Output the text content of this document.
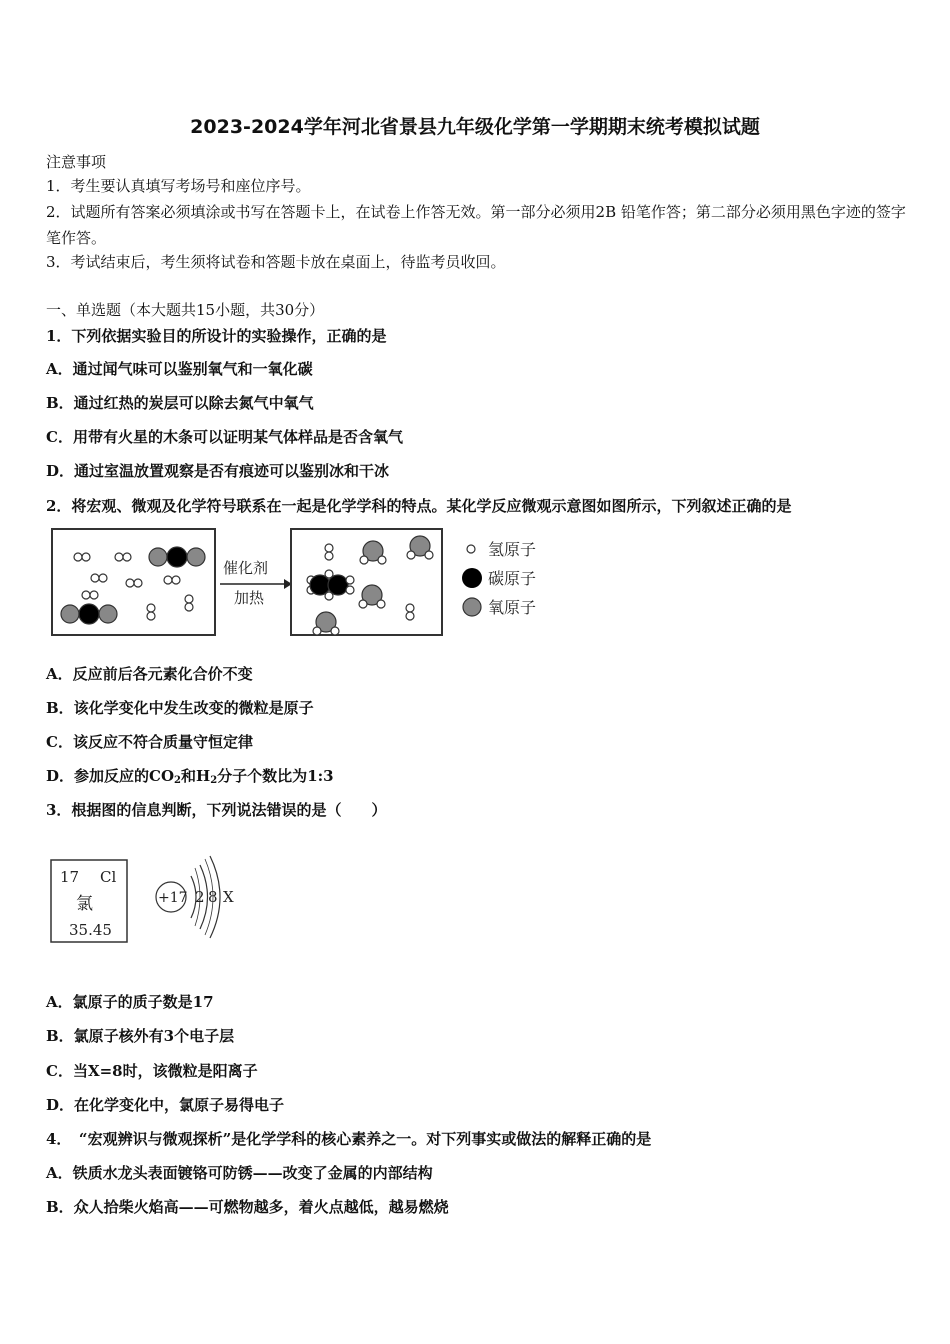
2023-2024学年河北省景县九年级化学第一学期期末统考模拟试题
注意事项
1．考生要认真填写考场号和座位序号。
2．试题所有答案必须填涂或书写在答题卡上，在试卷上作答无效。第一部分必须用2B 铅笔作答；第二部分必须用黑色字迹的签字笔作答。
3．考试结束后，考生须将试卷和答题卡放在桌面上，待监考员收回。
一、单选题（本大题共15小题，共30分）
1．下列依据实验目的所设计的实验操作，正确的是
A．通过闻气味可以鉴别氧气和一氧化碳
B．通过红热的炭层可以除去氮气中氧气
C．用带有火星的木条可以证明某气体样品是否含氧气
D．通过室温放置观察是否有痕迹可以鉴别冰和干冰
2．将宏观、微观及化学符号联系在一起是化学学科的特点。某化学反应微观示意图如图所示，下列叙述正确的是
催化剂
加热
氢原子
碳原子
氧原子
A．反应前后各元素化合价不变
B．该化学变化中发生改变的微粒是原子
C．该反应不符合质量守恒定律
D．参加反应的$CO_2$和$H_2$分子个数比为1:3
3．根据图的信息判断，下列说法错误的是（　　）
17 Cl
氯
35.45
+17 2 8 X
A．氯原子的质子数是17
B．氯原子核外有3个电子层
C．当X=8时，该微粒是阳离子
D．在化学变化中，氯原子易得电子
4．　“宏观辨识与微观探析”是化学学科的核心素养之一。对下列事实或做法的解释正确的是
A．铁质水龙头表面镀铬可防锈——改变了金属的内部结构
B．众人拾柴火焰高——可燃物越多，着火点越低，越易燃烧
